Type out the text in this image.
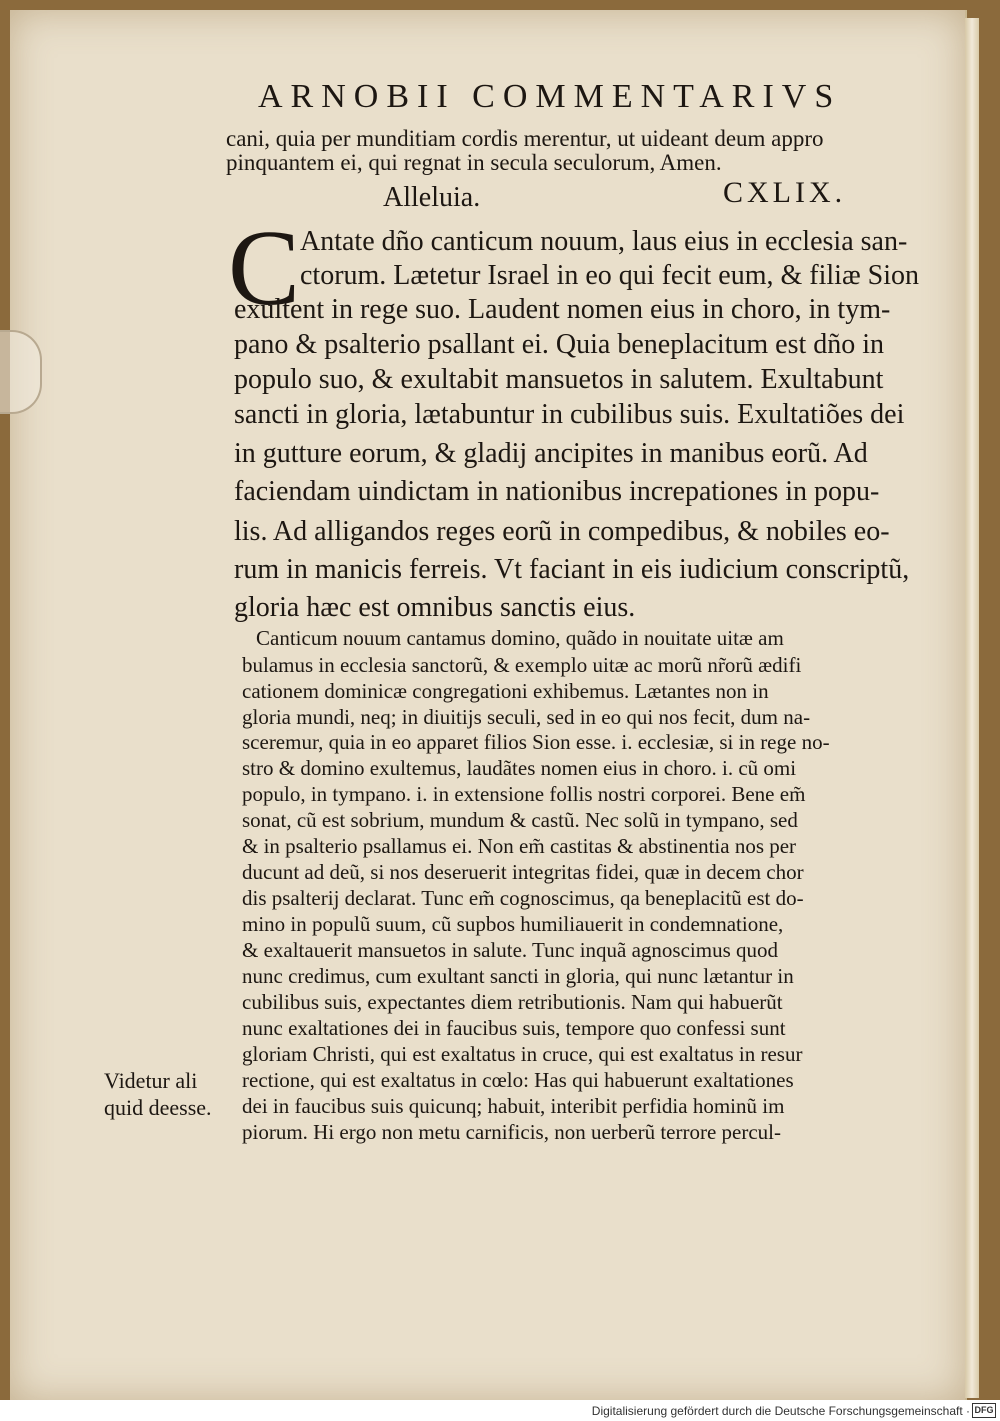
ARNOBII COMMENTARIVS
cani, quia per munditiam cordis merentur, ut uideant deum appro
pinquantem ei, qui regnat in secula seculorum, Amen.
Alleluia.	CXLIX.
C Antate dño canticum nouum, laus eius in ecclesia san-
ctorum. Lætetur Israel in eo qui fecit eum, & filiæ Sion
exultent in rege suo. Laudent nomen eius in choro, in tym-
pano & psalterio psallant ei. Quia beneplacitum est dño in
populo suo, & exultabit mansuetos in salutem. Exultabunt
sancti in gloria, lætabuntur in cubilibus suis. Exultatiões dei
in gutture eorum, & gladij ancipites in manibus eorũ. Ad
faciendam uindictam in nationibus increpationes in popu-
lis. Ad alligandos reges eorũ in compedibus, & nobiles eo-
rum in manicis ferreis. Vt faciant in eis iudicium conscriptũ,
gloria hæc est omnibus sanctis eius.
Canticum nouum cantamus domino, quãdo in nouitate uitæ am
bulamus in ecclesia sanctorũ, & exemplo uitæ ac morũ nr̃orũ ædifi
cationem dominicæ congregationi exhibemus. Lætantes non in
gloria mundi, neq; in diuitijs seculi, sed in eo qui nos fecit, dum na-
sceremur, quia in eo apparet filios Sion esse. i. ecclesiæ, si in rege no-
stro & domino exultemus, laudãtes nomen eius in choro. i. cũ omi
populo, in tympano. i. in extensione follis nostri corporei. Bene em̃
sonat, cũ est sobrium, mundum & castũ. Nec solũ in tympano, sed
& in psalterio psallamus ei. Non em̃ castitas & abstinentia nos per
ducunt ad deũ, si nos deseruerit integritas fidei, quæ in decem chor
dis psalterij declarat. Tunc em̃ cognoscimus, qa beneplacitũ est do-
mino in populũ suum, cũ supbos humiliauerit in condemnatione,
& exaltauerit mansuetos in salute. Tunc inquã agnoscimus quod
nunc credimus, cum exultant sancti in gloria, qui nunc lætantur in
cubilibus suis, expectantes diem retributionis. Nam qui habuerũt
nunc exaltationes dei in faucibus suis, tempore quo confessi sunt
gloriam Christi, qui est exaltatus in cruce, qui est exaltatus in resur
rectione, qui est exaltatus in cœlo: Has qui habuerunt exaltationes
dei in faucibus suis quicunq; habuit, interibit perfidia hominũ im
piorum. Hi ergo non metu carnificis, non uerberũ terrore percul-
Videtur ali
quid deesse.
Digitalisierung gefördert durch die Deutsche Forschungsgemeinschaft · DFG
